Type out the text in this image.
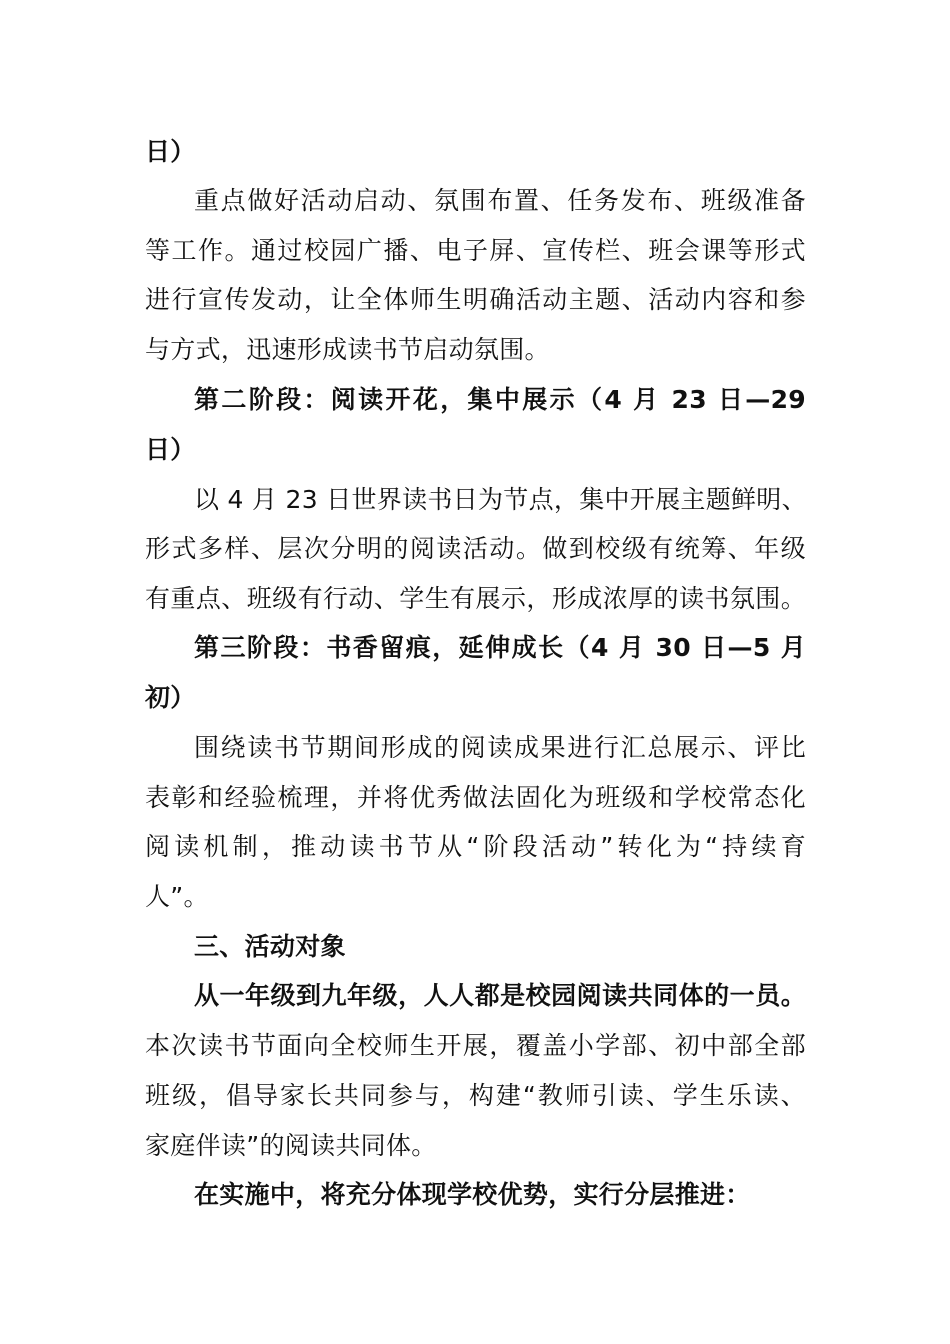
日）
重点做好活动启动、氛围布置、任务发布、班级准备
等工作。通过校园广播、电子屏、宣传栏、班会课等形式
进行宣传发动，让全体师生明确活动主题、活动内容和参
与方式，迅速形成读书节启动氛围。
第二阶段：阅读开花，集中展示（4 月 23 日—29
日）
以 4 月 23 日世界读书日为节点，集中开展主题鲜明、
形式多样、层次分明的阅读活动。做到校级有统筹、年级
有重点、班级有行动、学生有展示，形成浓厚的读书氛围。
第三阶段：书香留痕，延伸成长（4 月 30 日—5 月
初）
围绕读书节期间形成的阅读成果进行汇总展示、评比
表彰和经验梳理，并将优秀做法固化为班级和学校常态化
阅读机制，推动读书节从“阶段活动”转化为“持续育
人”。
三、活动对象
从一年级到九年级，人人都是校园阅读共同体的一员。
本次读书节面向全校师生开展，覆盖小学部、初中部全部
班级，倡导家长共同参与，构建“教师引读、学生乐读、
家庭伴读”的阅读共同体。
在实施中，将充分体现学校优势，实行分层推进：
